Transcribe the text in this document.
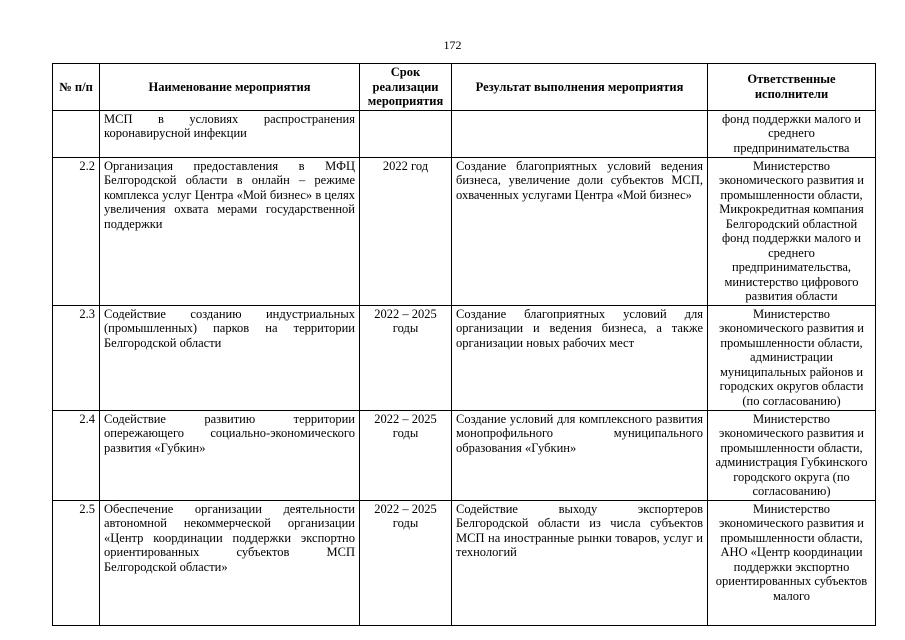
172
№ п/п	Наименование мероприятия	Срок реализации мероприятия	Результат выполнения мероприятия	Ответственные исполнители
	МСП в условиях распространения коронавирусной инфекции			фонд поддержки малого и среднего предпринимательства
2.2	Организация предоставления в МФЦ Белгородской области в онлайн – режиме комплекса услуг Центра «Мой бизнес» в целях увеличения охвата мерами государственной поддержки	2022 год	Создание благоприятных условий ведения бизнеса, увеличение доли субъектов МСП, охваченных услугами Центра «Мой бизнес»	Министерство экономического развития и промышленности области, Микрокредитная компания Белгородский областной фонд поддержки малого и среднего предпринимательства, министерство цифрового развития области
2.3	Содействие созданию индустриальных (промышленных) парков на территории Белгородской области	2022 – 2025 годы	Создание благоприятных условий для организации и ведения бизнеса, а также организации новых рабочих мест	Министерство экономического развития и промышленности области, администрации муниципальных районов и городских округов области (по согласованию)
2.4	Содействие развитию территории опережающего социально-экономического развития «Губкин»	2022 – 2025 годы	Создание условий для комплексного развития монопрофильного муниципального образования «Губкин»	Министерство экономического развития и промышленности области, администрация Губкинского городского округа (по согласованию)
2.5	Обеспечение организации деятельности автономной некоммерческой организации «Центр координации поддержки экспортно ориентированных субъектов МСП Белгородской области»	2022 – 2025 годы	Содействие выходу экспортеров Белгородской области из числа субъектов МСП на иностранные рынки товаров, услуг и технологий	Министерство экономического развития и промышленности области, АНО «Центр координации поддержки экспортно ориентированных субъектов малого
